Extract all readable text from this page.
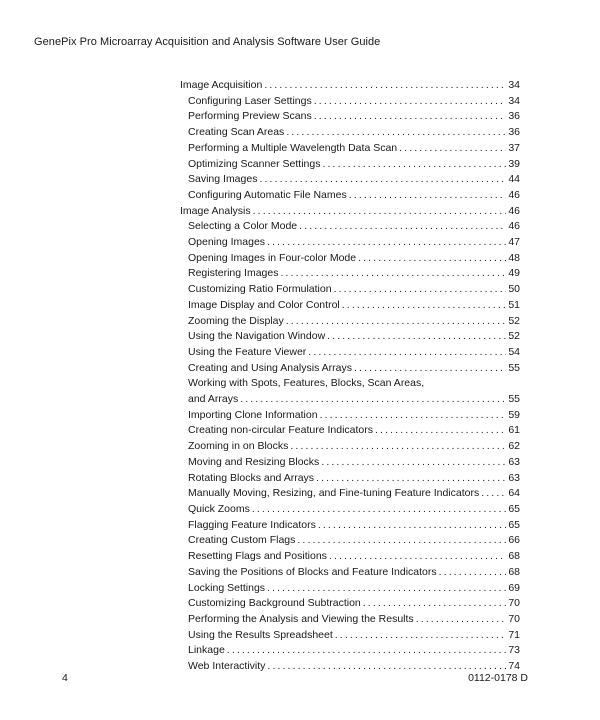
GenePix Pro Microarray Acquisition and Analysis Software User Guide
Image Acquisition . . .	34
Configuring Laser Settings . . .	34
Performing Preview Scans . . .	36
Creating Scan Areas . . .	36
Performing a Multiple Wavelength Data Scan . . .	37
Optimizing Scanner Settings . . .	39
Saving Images . . .	44
Configuring Automatic File Names . . .	46
Image Analysis . . .	46
Selecting a Color Mode . . .	46
Opening Images . . .	47
Opening Images in Four-color Mode . . .	48
Registering Images . . .	49
Customizing Ratio Formulation . . .	50
Image Display and Color Control . . .	51
Zooming the Display . . .	52
Using the Navigation Window . . .	52
Using the Feature Viewer . . .	54
Creating and Using Analysis Arrays . . .	55
Working with Spots, Features, Blocks, Scan Areas,
and Arrays . . .	55
Importing Clone Information . . .	59
Creating non-circular Feature Indicators . . .	61
Zooming in on Blocks . . .	62
Moving and Resizing Blocks . . .	63
Rotating Blocks and Arrays . . .	63
Manually Moving, Resizing, and Fine-tuning Feature Indicators . . .	64
Quick Zooms . . .	65
Flagging Feature Indicators . . .	65
Creating Custom Flags . . .	66
Resetting Flags and Positions . . .	68
Saving the Positions of Blocks and Feature Indicators . . .	68
Locking Settings . . .	69
Customizing Background Subtraction . . .	70
Performing the Analysis and Viewing the Results . . .	70
Using the Results Spreadsheet . . .	71
Linkage . . .	73
Web Interactivity . . .	74
4	0112-0178 D
